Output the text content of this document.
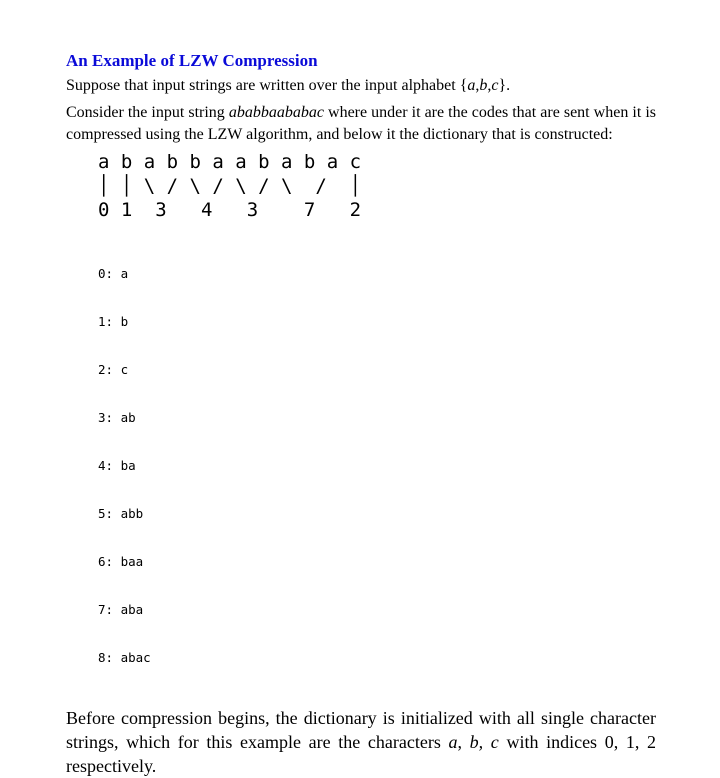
An Example of LZW Compression

Suppose that input strings are written over the input alphabet {a,b,c}.

Consider the input string ababbaababac where under it are the codes that are sent when it is compressed using the LZW algorithm, and below it the dictionary that is constructed:

a b a b b a a b a b a c
│ │ \ / \ / \ / \  /  │
0 1  3   4   3    7   2

0: a

1: b

2: c

3: ab

4: ba

5: abb

6: baa

7: aba

8: abac

Before compression begins, the dictionary is initialized with all single character strings, which for this example are the characters a, b, c with indices 0, 1, 2 respectively.
